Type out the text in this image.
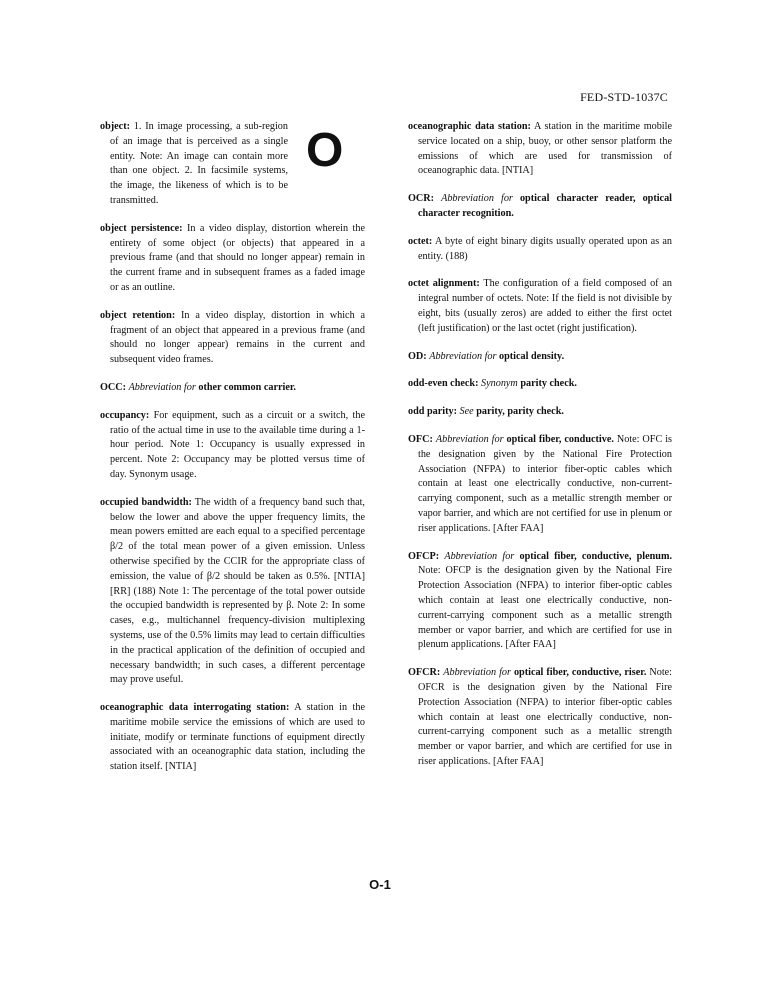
FED-STD-1037C
O

object: 1. In image processing, a sub-region of an image that is perceived as a single entity. Note: An image can contain more than one object. 2. In facsimile systems, the image, the likeness of which is to be transmitted.

object persistence: In a video display, distortion wherein the entirety of some object (or objects) that appeared in a previous frame (and that should no longer appear) remain in the current frame and in subsequent frames as a faded image or as an outline.

object retention: In a video display, distortion in which a fragment of an object that appeared in a previous frame (and should no longer appear) remains in the current and subsequent video frames.

OCC: Abbreviation for other common carrier.

occupancy: For equipment, such as a circuit or a switch, the ratio of the actual time in use to the available time during a 1-hour period. Note 1: Occupancy is usually expressed in percent. Note 2: Occupancy may be plotted versus time of day. Synonym usage.

occupied bandwidth: The width of a frequency band such that, below the lower and above the upper frequency limits, the mean powers emitted are each equal to a specified percentage β/2 of the total mean power of a given emission. Unless otherwise specified by the CCIR for the appropriate class of emission, the value of β/2 should be taken as 0.5%. [NTIA] [RR] (188) Note 1: The percentage of the total power outside the occupied bandwidth is represented by β. Note 2: In some cases, e.g., multichannel frequency-division multiplexing systems, use of the 0.5% limits may lead to certain difficulties in the practical application of the definition of occupied and necessary bandwidth; in such cases, a different percentage may prove useful.

oceanographic data interrogating station: A station in the maritime mobile service the emissions of which are used to initiate, modify or terminate functions of equipment directly associated with an oceanographic data station, including the station itself. [NTIA]

oceanographic data station: A station in the maritime mobile service located on a ship, buoy, or other sensor platform the emissions of which are used for transmission of oceanographic data. [NTIA]

OCR: Abbreviation for optical character reader, optical character recognition.

octet: A byte of eight binary digits usually operated upon as an entity. (188)

octet alignment: The configuration of a field composed of an integral number of octets. Note: If the field is not divisible by eight, bits (usually zeros) are added to either the first octet (left justification) or the last octet (right justification).

OD: Abbreviation for optical density.

odd-even check: Synonym parity check.

odd parity: See parity, parity check.

OFC: Abbreviation for optical fiber, conductive. Note: OFC is the designation given by the National Fire Protection Association (NFPA) to interior fiber-optic cables which contain at least one electrically conductive, non-current-carrying component, such as a metallic strength member or vapor barrier, and which are not certified for use in plenum or riser applications. [After FAA]

OFCP: Abbreviation for optical fiber, conductive, plenum. Note: OFCP is the designation given by the National Fire Protection Association (NFPA) to interior fiber-optic cables which contain at least one electrically conductive, non-current-carrying component such as a metallic strength member or vapor barrier, and which are certified for use in plenum applications. [After FAA]

OFCR: Abbreviation for optical fiber, conductive, riser. Note: OFCR is the designation given by the National Fire Protection Association (NFPA) to interior fiber-optic cables which contain at least one electrically conductive, non-current-carrying component such as a metallic strength member or vapor barrier, and which are certified for use in riser applications. [After FAA]

O-1
